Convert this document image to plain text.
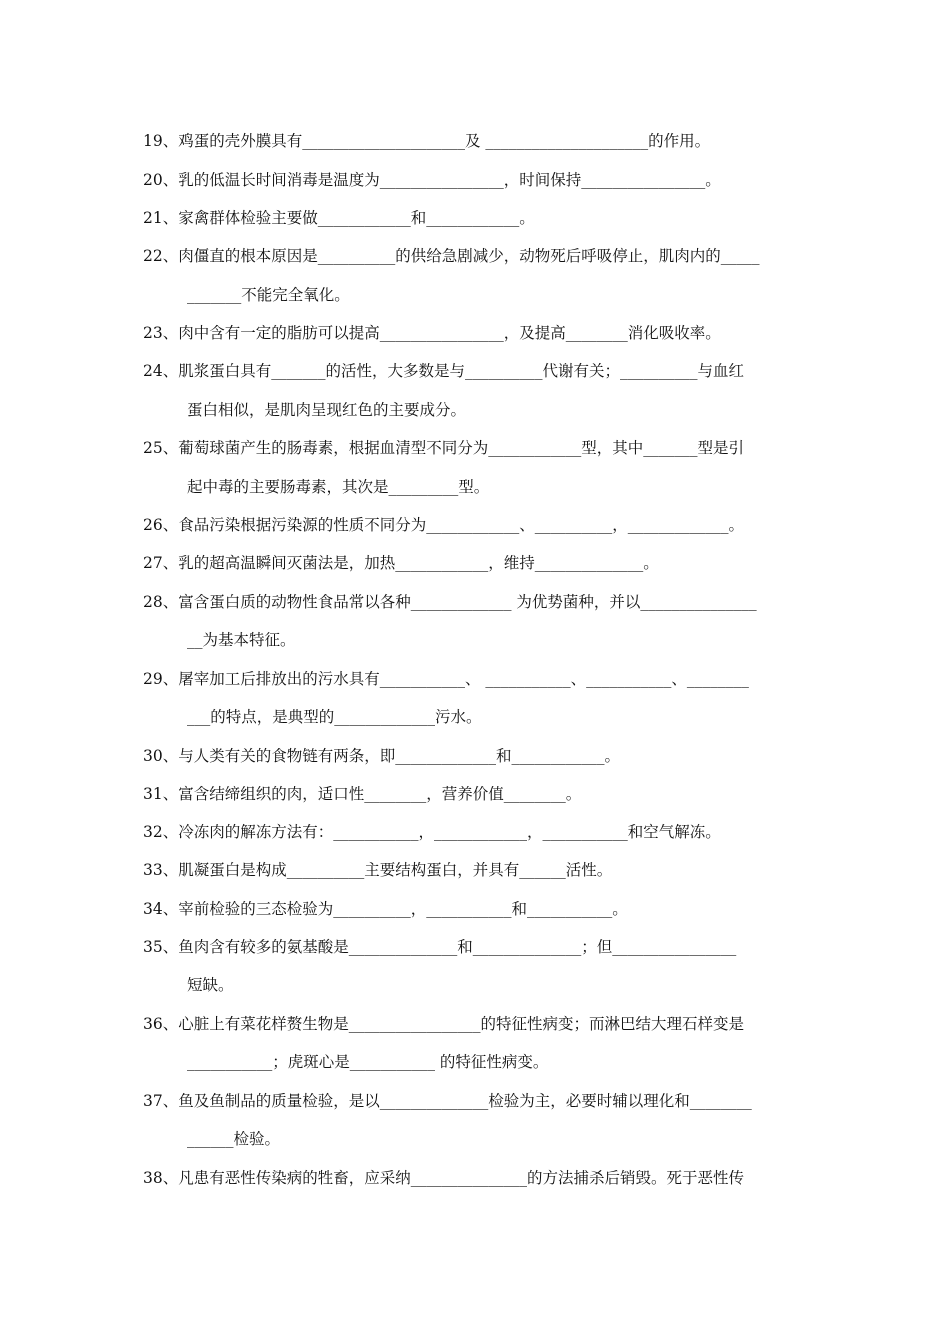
19、鸡蛋的壳外膜具有_____________________及 _____________________的作用。
20、乳的低温长时间消毒是温度为________________，时间保持________________。
21、家禽群体检验主要做____________和____________。
22、肉僵直的根本原因是__________的供给急剧减少，动物死后呼吸停止，肌肉内的_____
_______不能完全氧化。
23、肉中含有一定的脂肪可以提高________________，及提高________消化吸收率。
24、肌浆蛋白具有_______的活性，大多数是与__________代谢有关；__________与血红
蛋白相似，是肌肉呈现红色的主要成分。
25、葡萄球菌产生的肠毒素，根据血清型不同分为____________型，其中_______型是引
起中毒的主要肠毒素，其次是_________型。
26、食品污染根据污染源的性质不同分为____________、__________，_____________。
27、乳的超高温瞬间灭菌法是，加热____________，维持______________。
28、富含蛋白质的动物性食品常以各种_____________ 为优势菌种，并以_______________
__为基本特征。
29、屠宰加工后排放出的污水具有___________、 ___________、___________、________
___的特点，是典型的_____________污水。
30、与人类有关的食物链有两条，即_____________和____________。
31、富含结缔组织的肉，适口性________，营养价值________。
32、冷冻肉的解冻方法有：___________，____________，___________和空气解冻。
33、肌凝蛋白是构成__________主要结构蛋白，并具有______活性。
34、宰前检验的三态检验为__________，___________和___________。
35、鱼肉含有较多的氨基酸是______________和______________；但________________
短缺。
36、心脏上有菜花样赘生物是_________________的特征性病变；而淋巴结大理石样变是
___________；虎斑心是___________ 的特征性病变。
37、鱼及鱼制品的质量检验，是以______________检验为主，必要时辅以理化和________
______检验。
38、凡患有恶性传染病的牲畜，应采纳_______________的方法捕杀后销毁。死于恶性传
